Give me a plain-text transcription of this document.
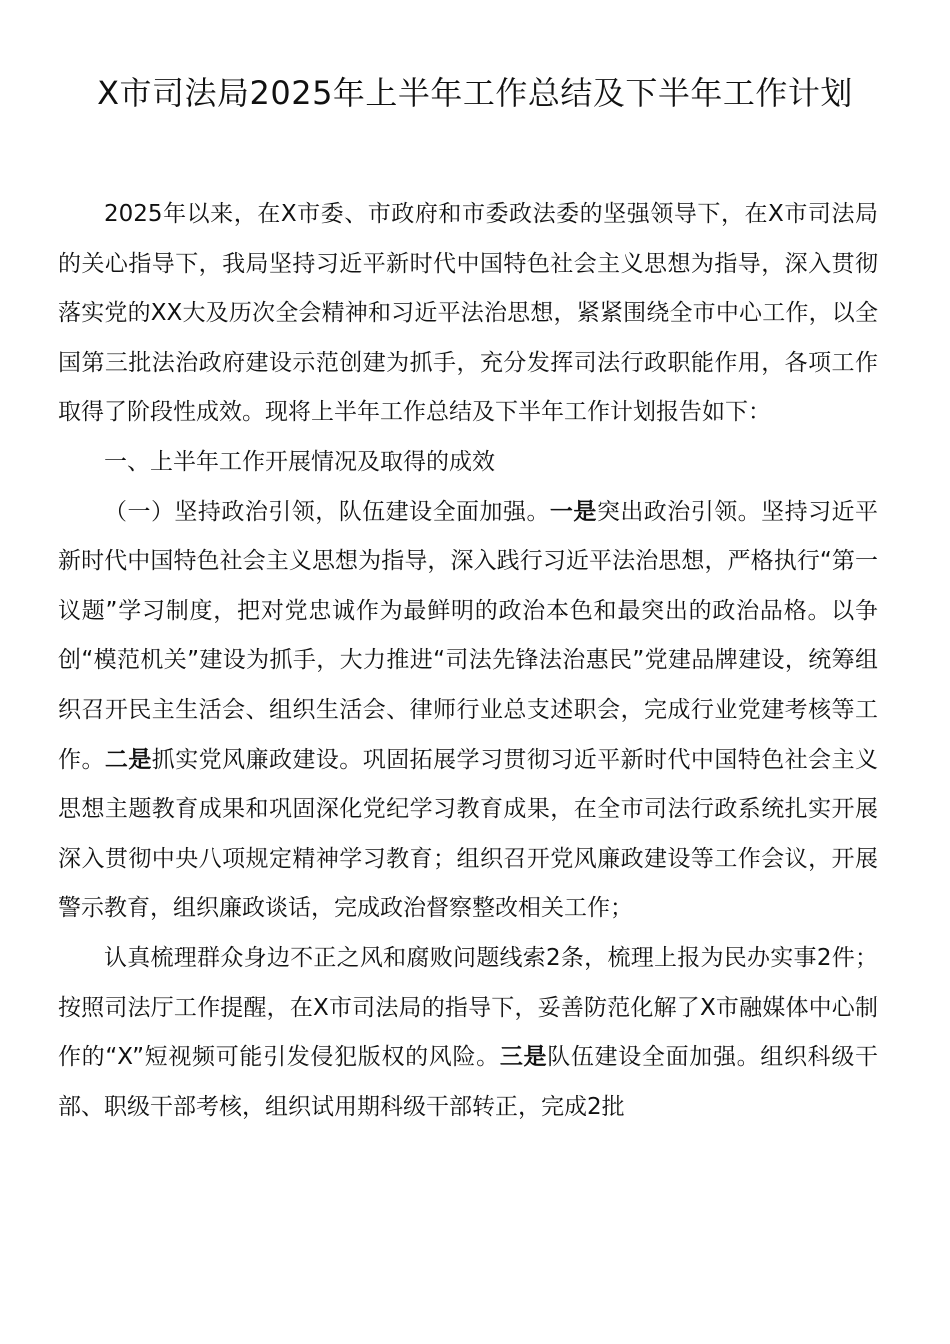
X市司法局2025年上半年工作总结及下半年工作计划

2025年以来，在X市委、市政府和市委政法委的坚强领导下，在X市司法局的关心指导下，我局坚持习近平新时代中国特色社会主义思想为指导，深入贯彻落实党的XX大及历次全会精神和习近平法治思想，紧紧围绕全市中心工作，以全国第三批法治政府建设示范创建为抓手，充分发挥司法行政职能作用，各项工作取得了阶段性成效。现将上半年工作总结及下半年工作计划报告如下：

一、上半年工作开展情况及取得的成效

（一）坚持政治引领，队伍建设全面加强。一是突出政治引领。坚持习近平新时代中国特色社会主义思想为指导，深入践行习近平法治思想，严格执行“第一议题”学习制度，把对党忠诚作为最鲜明的政治本色和最突出的政治品格。以争创“模范机关”建设为抓手，大力推进“司法先锋法治惠民”党建品牌建设，统筹组织召开民主生活会、组织生活会、律师行业总支述职会，完成行业党建考核等工作。二是抓实党风廉政建设。巩固拓展学习贯彻习近平新时代中国特色社会主义思想主题教育成果和巩固深化党纪学习教育成果，在全市司法行政系统扎实开展深入贯彻中央八项规定精神学习教育；组织召开党风廉政建设等工作会议，开展警示教育，组织廉政谈话，完成政治督察整改相关工作；

认真梳理群众身边不正之风和腐败问题线索2条，梳理上报为民办实事2件；按照司法厅工作提醒，在X市司法局的指导下，妥善防范化解了X市融媒体中心制作的“X”短视频可能引发侵犯版权的风险。三是队伍建设全面加强。组织科级干部、职级干部考核，组织试用期科级干部转正，完成2批
